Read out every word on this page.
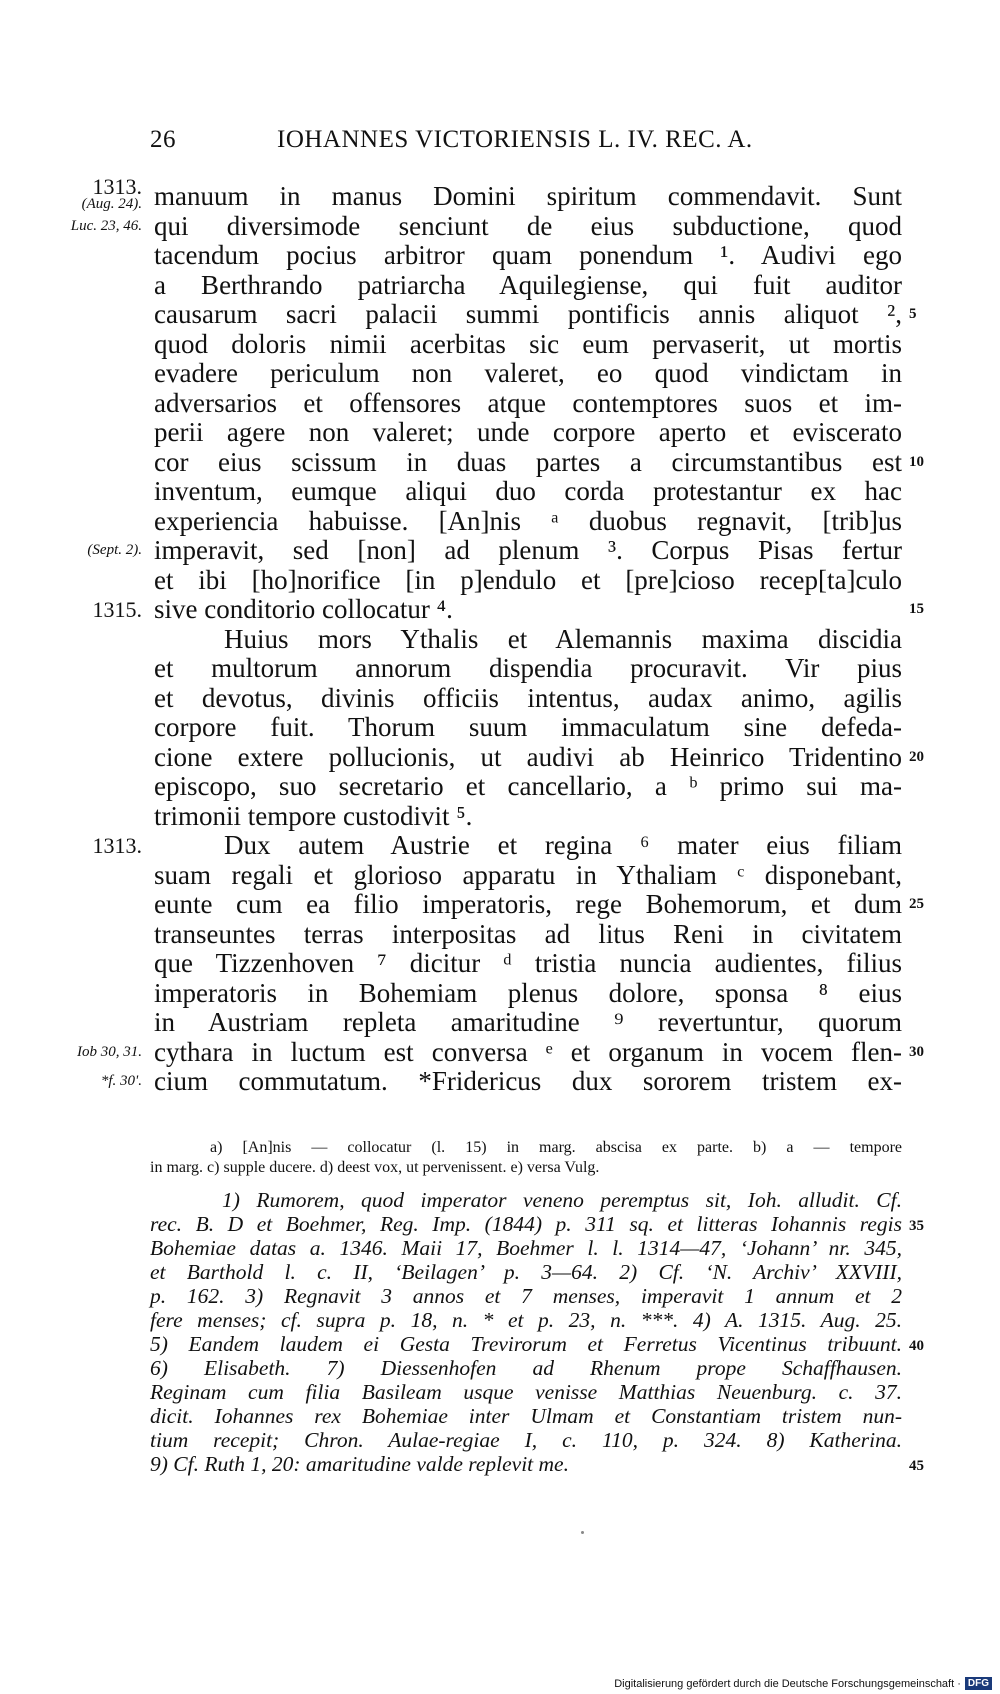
26	IOHANNES VICTORIENSIS L. IV. REC. A.
manuum in manus Domini spiritum commendavit. Sunt
1313.
(Aug. 24).
qui diversimode senciunt de eius subductione, quod
Luc. 23, 46.
tacendum pocius arbitror quam ponendum ¹. Audivi ego
a Berthrando patriarcha Aquilegiense, qui fuit auditor
causarum sacri palacii summi pontificis annis aliquot ², 5
quod doloris nimii acerbitas sic eum pervaserit, ut mortis
evadere periculum non valeret, eo quod vindictam in
adversarios et offensores atque contemptores suos et im-
perii agere non valeret; unde corpore aperto et eviscerato
cor eius scissum in duas partes a circumstantibus est 10
inventum, eumque aliqui duo corda protestantur ex hac
experiencia habuisse. [An]nis ᵃ duobus regnavit, [trib]us
imperavit, sed [non] ad plenum ³. Corpus Pisas fertur
(Sept. 2).
et ibi [ho]norifice [in p]endulo et [pre]cioso recep[ta]culo
sive conditorio collocatur ⁴.
1315.	15
Huius mors Ythalis et Alemannis maxima discidia
et multorum annorum dispendia procuravit. Vir pius
et devotus, divinis officiis intentus, audax animo, agilis
corpore fuit. Thorum suum immaculatum sine defeda-
cione extere pollucionis, ut audivi ab Heinrico Tridentino 20
episcopo, suo secretario et cancellario, a ᵇ primo sui ma-
trimonii tempore custodivit ⁵.
Dux autem Austrie et regina ⁶ mater eius filiam
1313.
suam regali et glorioso apparatu in Ythaliam ᶜ disponebant,
eunte cum ea filio imperatoris, rege Bohemorum, et dum 25
transeuntes terras interpositas ad litus Reni in civitatem
que Tizzenhoven ⁷ dicitur ᵈ tristia nuncia audientes, filius
imperatoris in Bohemiam plenus dolore, sponsa ⁸ eius
in Austriam repleta amaritudine ⁹ revertuntur, quorum
cythara in luctum est conversa ᵉ et organum in vocem flen-
Iob 30, 31.	30
cium commutatum. *Fridericus dux sororem tristem ex-
*f. 30'.
a) [An]nis — collocatur (l. 15) in marg. abscisa ex parte. b) a — tempore
in marg. c) supple ducere. d) deest vox, ut pervenissent. e) versa Vulg.
1) Rumorem, quod imperator veneno peremptus sit, Ioh. alludit. Cf.
rec. B. D et Boehmer, Reg. Imp. (1844) p. 311 sq. et litteras Iohannis regis 35
Bohemiae datas a. 1346. Maii 17, Boehmer l. l. 1314—47, ‘Johann’ nr. 345,
et Barthold l. c. II, ‘Beilagen’ p. 3—64. 2) Cf. ‘N. Archiv’ XXVIII,
p. 162. 3) Regnavit 3 annos et 7 menses, imperavit 1 annum et 2
fere menses; cf. supra p. 18, n. * et p. 23, n. ***. 4) A. 1315. Aug. 25.
5) Eandem laudem ei Gesta Trevirorum et Ferretus Vicentinus tribuunt. 40
6) Elisabeth. 7) Diessenhofen ad Rhenum prope Schaffhausen.
Reginam cum filia Basileam usque venisse Matthias Neuenburg. c. 37.
dicit. Iohannes rex Bohemiae inter Ulmam et Constantiam tristem nun-
tium recepit; Chron. Aulae-regiae I, c. 110, p. 324. 8) Katherina.
9) Cf. Ruth 1, 20: amaritudine valde replevit me.	45
Digitalisierung gefördert durch die Deutsche Forschungsgemeinschaft · DFG
